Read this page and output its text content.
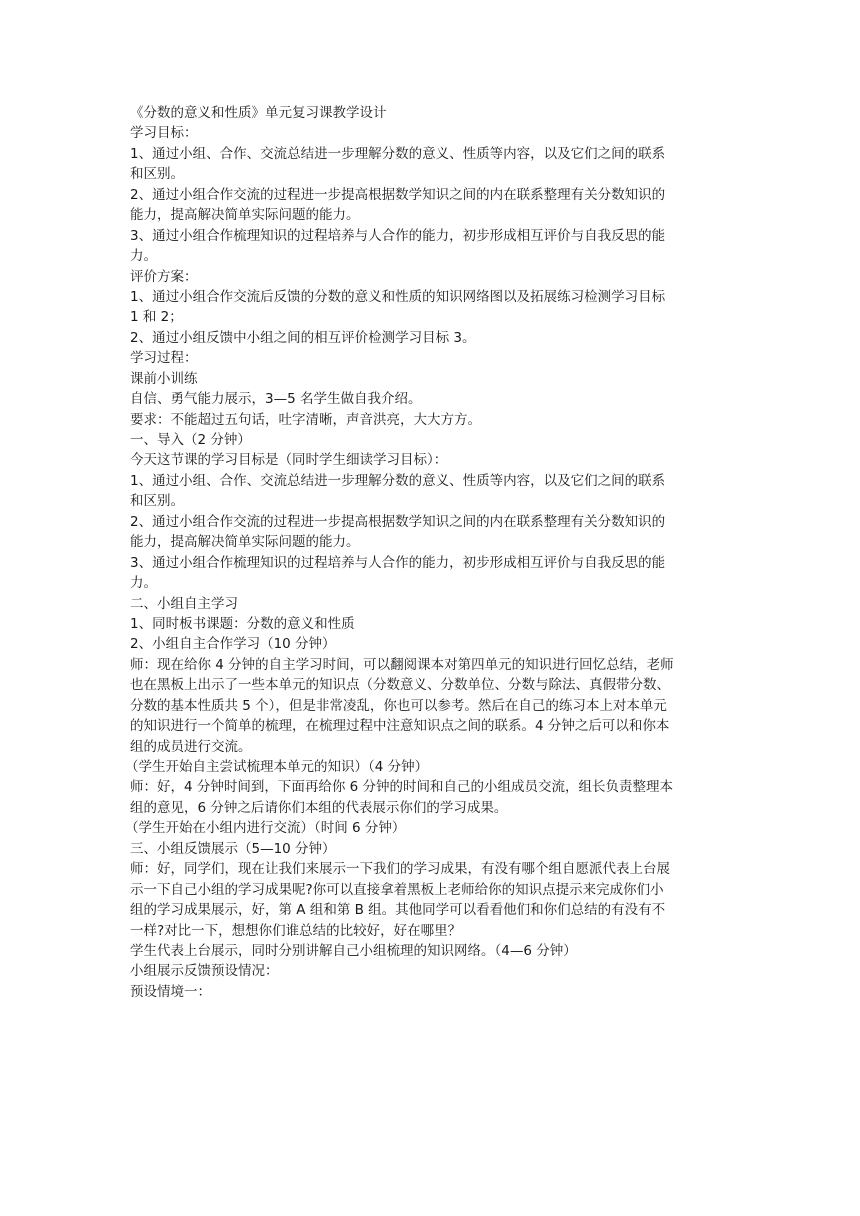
《分数的意义和性质》单元复习课教学设计
学习目标：
1、通过小组、合作、交流总结进一步理解分数的意义、性质等内容，以及它们之间的联系
和区别。
2、通过小组合作交流的过程进一步提高根据数学知识之间的内在联系整理有关分数知识的
能力，提高解决简单实际问题的能力。
3、通过小组合作梳理知识的过程培养与人合作的能力，初步形成相互评价与自我反思的能
力。
评价方案：
1、通过小组合作交流后反馈的分数的意义和性质的知识网络图以及拓展练习检测学习目标
1 和 2；
2、通过小组反馈中小组之间的相互评价检测学习目标 3。
学习过程：
课前小训练
自信、勇气能力展示，3—5 名学生做自我介绍。
要求：不能超过五句话，吐字清晰，声音洪亮，大大方方。
一、导入（2 分钟）
今天这节课的学习目标是（同时学生细读学习目标）：
1、通过小组、合作、交流总结进一步理解分数的意义、性质等内容，以及它们之间的联系
和区别。
2、通过小组合作交流的过程进一步提高根据数学知识之间的内在联系整理有关分数知识的
能力，提高解决简单实际问题的能力。
3、通过小组合作梳理知识的过程培养与人合作的能力，初步形成相互评价与自我反思的能
力。
二、小组自主学习
1、同时板书课题：分数的意义和性质
2、小组自主合作学习（10 分钟）
师：现在给你 4 分钟的自主学习时间，可以翻阅课本对第四单元的知识进行回忆总结，老师
也在黑板上出示了一些本单元的知识点（分数意义、分数单位、分数与除法、真假带分数、
分数的基本性质共 5 个），但是非常凌乱，你也可以参考。然后在自己的练习本上对本单元
的知识进行一个简单的梳理，在梳理过程中注意知识点之间的联系。4 分钟之后可以和你本
组的成员进行交流。
（学生开始自主尝试梳理本单元的知识）（4 分钟）
师：好，4 分钟时间到，下面再给你 6 分钟的时间和自己的小组成员交流，组长负责整理本
组的意见，6 分钟之后请你们本组的代表展示你们的学习成果。
（学生开始在小组内进行交流）（时间 6 分钟）
三、小组反馈展示（5—10 分钟）
师：好，同学们，现在让我们来展示一下我们的学习成果，有没有哪个组自愿派代表上台展
示一下自己小组的学习成果呢?你可以直接拿着黑板上老师给你的知识点提示来完成你们小
组的学习成果展示，好，第 A 组和第 B 组。其他同学可以看看他们和你们总结的有没有不
一样?对比一下，想想你们谁总结的比较好，好在哪里？
学生代表上台展示，同时分别讲解自己小组梳理的知识网络。（4—6 分钟）
小组展示反馈预设情况：
预设情境一：
